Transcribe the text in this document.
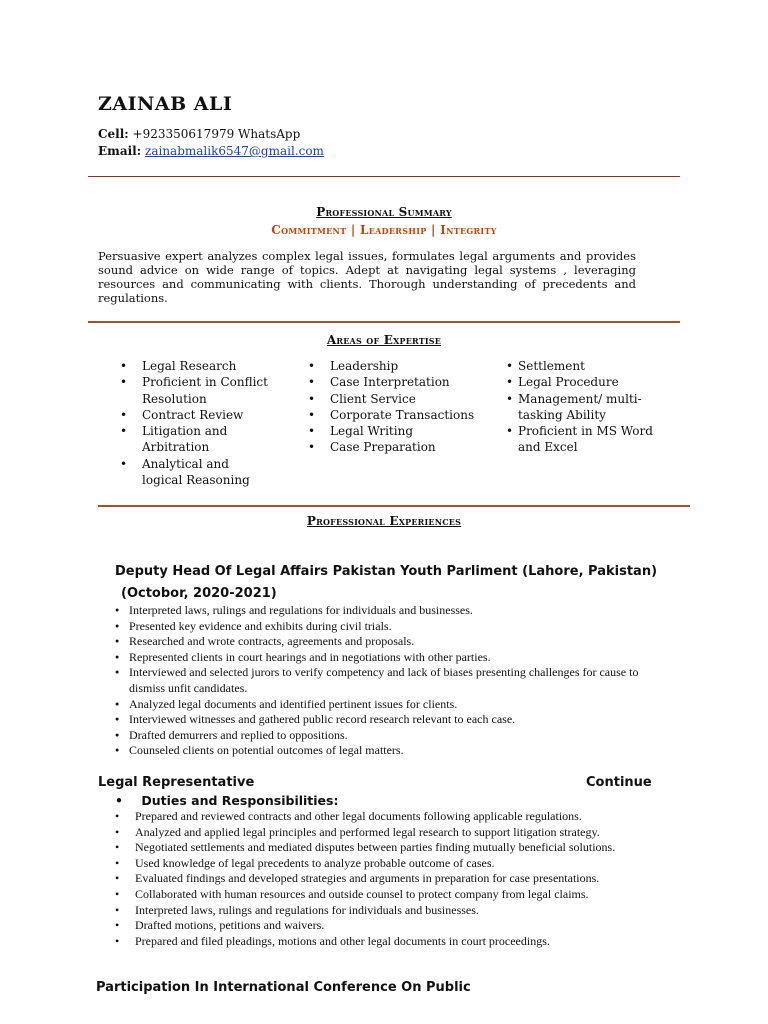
ZAINAB ALI
Cell: +923350617979 WhatsApp
Email: zainabmalik6547@gmail.com
Professional Summary
Commitment | Leadership | Integrity
Persuasive expert analyzes complex legal issues, formulates legal arguments and provides sound advice on wide range of topics. Adept at navigating legal systems , leveraging resources and communicating with clients. Thorough understanding of precedents and regulations.
Areas of Expertise
• Legal Research
• Proficient in Conflict Resolution
• Contract Review
• Litigation and Arbitration
• Analytical and logical Reasoning
• Leadership
• Case Interpretation
• Client Service
• Corporate Transactions
• Legal Writing
• Case Preparation
• Settlement
• Legal Procedure
• Management/ multi-tasking Ability
• Proficient in MS Word and Excel
Professional Experiences
Deputy Head Of Legal Affairs Pakistan Youth Parliment (Lahore, Pakistan)
(Octobor, 2020-2021)
● Interpreted laws, rulings and regulations for individuals and businesses.
● Presented key evidence and exhibits during civil trials.
● Researched and wrote contracts, agreements and proposals.
● Represented clients in court hearings and in negotiations with other parties.
● Interviewed and selected jurors to verify competency and lack of biases presenting challenges for cause to dismiss unfit candidates.
● Analyzed legal documents and identified pertinent issues for clients.
● Interviewed witnesses and gathered public record research relevant to each case.
● Drafted demurrers and replied to oppositions.
● Counseled clients on potential outcomes of legal matters.
Legal Representative	Continue
• Duties and Responsibilities:
• Prepared and reviewed contracts and other legal documents following applicable regulations.
• Analyzed and applied legal principles and performed legal research to support litigation strategy.
• Negotiated settlements and mediated disputes between parties finding mutually beneficial solutions.
• Used knowledge of legal precedents to analyze probable outcome of cases.
• Evaluated findings and developed strategies and arguments in preparation for case presentations.
• Collaborated with human resources and outside counsel to protect company from legal claims.
• Interpreted laws, rulings and regulations for individuals and businesses.
• Drafted motions, petitions and waivers.
• Prepared and filed pleadings, motions and other legal documents in court proceedings.
Participation In International Conference On Public
